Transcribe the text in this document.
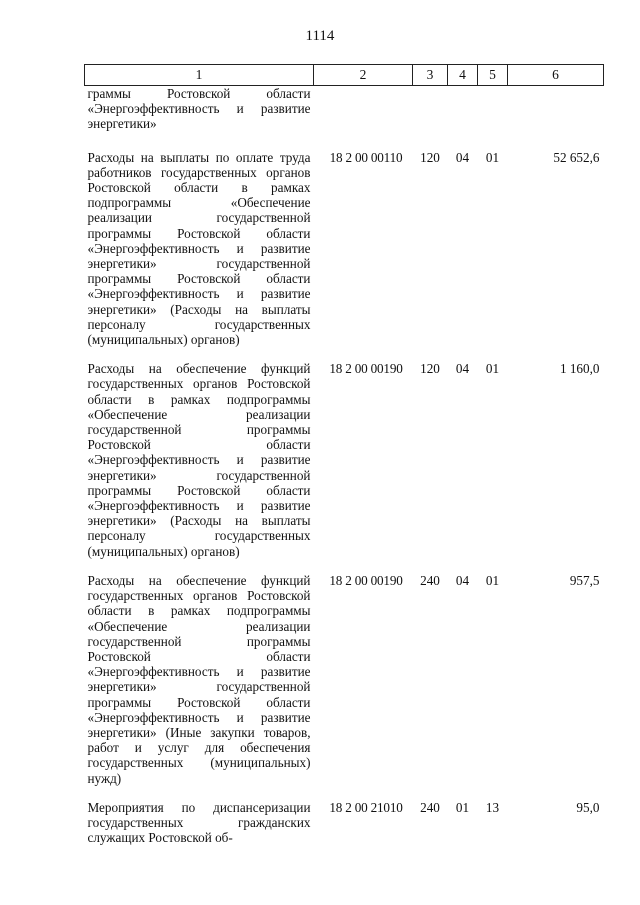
1114
1	2	3	4	5	6
граммы Ростовской области «Энергоэффективность и развитие энергетики»					
Расходы на выплаты по оплате труда работников государственных органов Ростовской области в рамках подпрограммы «Обеспечение реализации государственной программы Ростовской области «Энергоэффективность и развитие энергетики» государственной программы Ростовской области «Энергоэффективность и развитие энергетики» (Расходы на выплаты персоналу государственных (муниципальных) органов)	18 2 00 00110	120	04	01	52 652,6
Расходы на обеспечение функций государственных органов Ростовской области в рамках подпрограммы «Обеспечение реализации государственной программы Ростовской области «Энергоэффективность и развитие энергетики» государственной программы Ростовской области «Энергоэффективность и развитие энергетики» (Расходы на выплаты персоналу государственных (муниципальных) органов)	18 2 00 00190	120	04	01	1 160,0
Расходы на обеспечение функций государственных органов Ростовской области в рамках подпрограммы «Обеспечение реализации государственной программы Ростовской области «Энергоэффективность и развитие энергетики» государственной программы Ростовской области «Энергоэффективность и развитие энергетики» (Иные закупки товаров, работ и услуг для обеспечения государственных (муниципальных) нужд)	18 2 00 00190	240	04	01	957,5
Мероприятия по диспансеризации государственных гражданских служащих Ростовской об-	18 2 00 21010	240	01	13	95,0
